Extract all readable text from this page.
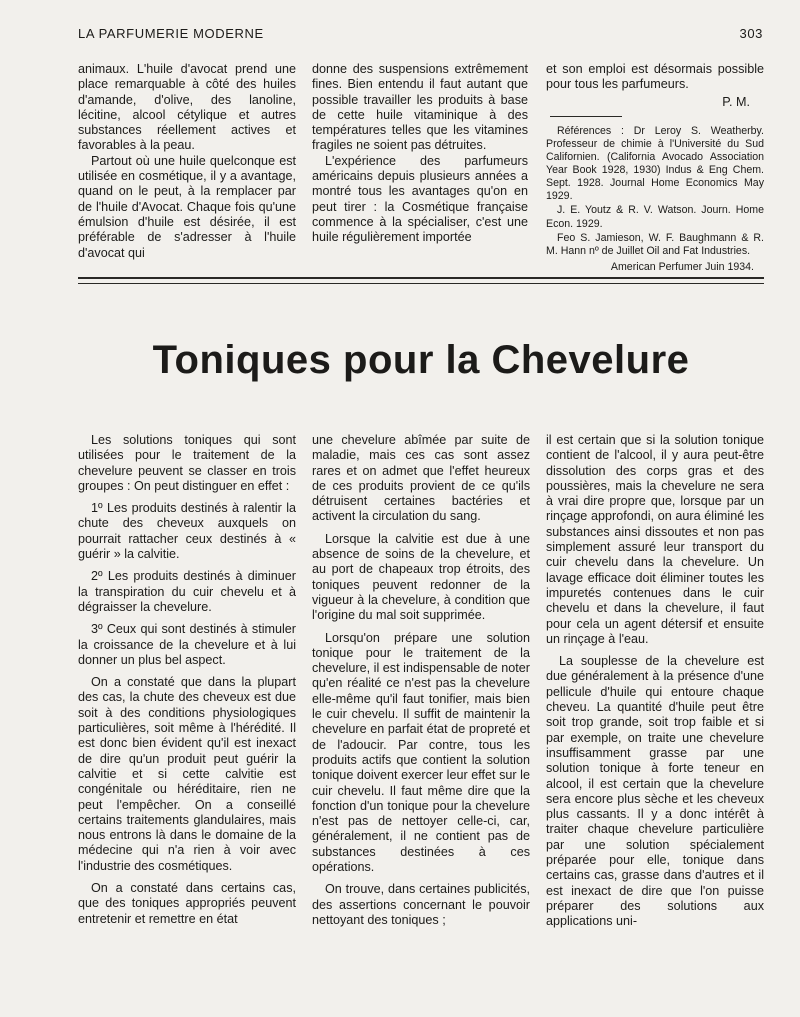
LA PARFUMERIE MODERNE	303

animaux. L'huile d'avocat prend une place remarquable à côté des huiles d'amande, d'olive, des lanoline, lécitine, alcool cétylique et autres substances réellement actives et favorables à la peau.

Partout où une huile quelconque est utilisée en cosmétique, il y a avantage, quand on le peut, à la remplacer par de l'huile d'Avocat. Chaque fois qu'une émulsion d'huile est désirée, il est préférable de s'adresser à l'huile d'avocat qui

donne des suspensions extrêmement fines. Bien entendu il faut autant que possible travailler les produits à base de cette huile vitaminique à des températures telles que les vitamines fragiles ne soient pas détruites.

L'expérience des parfumeurs américains depuis plusieurs années a montré tous les avantages qu'on en peut tirer : la Cosmétique française commence à la spécialiser, c'est une huile régulièrement importée

et son emploi est désormais possible pour tous les parfumeurs.

P. M.

Références : Dr Leroy S. Weatherby. Professeur de chimie à l'Université du Sud Californien. (California Avocado Association Year Book 1928, 1930) Indus & Eng Chem. Sept. 1928. Journal Home Economics May 1929.

J. E. Youtz & R. V. Watson. Journ. Home Econ. 1929.

Feo S. Jamieson, W. F. Baughmann & R. M. Hann nº de Juillet Oil and Fat Industries.

American Perfumer Juin 1934.

Toniques pour la Chevelure

Les solutions toniques qui sont utilisées pour le traitement de la chevelure peuvent se classer en trois groupes : On peut distinguer en effet :

1º Les produits destinés à ralentir la chute des cheveux auxquels on pourrait rattacher ceux destinés à « guérir » la calvitie.

2º Les produits destinés à diminuer la transpiration du cuir chevelu et à dégraisser la chevelure.

3º Ceux qui sont destinés à stimuler la croissance de la chevelure et à lui donner un plus bel aspect.

On a constaté que dans la plupart des cas, la chute des cheveux est due soit à des conditions physiologiques particulières, soit même à l'hérédité. Il est donc bien évident qu'il est inexact de dire qu'un produit peut guérir la calvitie et si cette calvitie est congénitale ou héréditaire, rien ne peut l'empêcher. On a conseillé certains traitements glandulaires, mais nous entrons là dans le domaine de la médecine qui n'a rien à voir avec l'industrie des cosmétiques.

On a constaté dans certains cas, que des toniques appropriés peuvent entretenir et remettre en état

une chevelure abîmée par suite de maladie, mais ces cas sont assez rares et on admet que l'effet heureux de ces produits provient de ce qu'ils détruisent certaines bactéries et activent la circulation du sang.

Lorsque la calvitie est due à une absence de soins de la chevelure, et au port de chapeaux trop étroits, des toniques peuvent redonner de la vigueur à la chevelure, à condition que l'origine du mal soit supprimée.

Lorsqu'on prépare une solution tonique pour le traitement de la chevelure, il est indispensable de noter qu'en réalité ce n'est pas la chevelure elle-même qu'il faut tonifier, mais bien le cuir chevelu. Il suffit de maintenir la chevelure en parfait état de propreté et de l'adoucir. Par contre, tous les produits actifs que contient la solution tonique doivent exercer leur effet sur le cuir chevelu. Il faut même dire que la fonction d'un tonique pour la chevelure n'est pas de nettoyer celle-ci, car, généralement, il ne contient pas de substances destinées à ces opérations.

On trouve, dans certaines publicités, des assertions concernant le pouvoir nettoyant des toniques ;

il est certain que si la solution tonique contient de l'alcool, il y aura peut-être dissolution des corps gras et des poussières, mais la chevelure ne sera à vrai dire propre que, lorsque par un rinçage approfondi, on aura éliminé les substances ainsi dissoutes et non pas simplement assuré leur transport du cuir chevelu dans la chevelure. Un lavage efficace doit éliminer toutes les impuretés contenues dans le cuir chevelu et dans la chevelure, il faut pour cela un agent détersif et ensuite un rinçage à l'eau.

La souplesse de la chevelure est due généralement à la présence d'une pellicule d'huile qui entoure chaque cheveu. La quantité d'huile peut être soit trop grande, soit trop faible et si par exemple, on traite une chevelure insuffisamment grasse par une solution tonique à forte teneur en alcool, il est certain que la chevelure sera encore plus sèche et les cheveux plus cassants. Il y a donc intérêt à traiter chaque chevelure particulière par une solution spécialement préparée pour elle, tonique dans certains cas, grasse dans d'autres et il est inexact de dire que l'on puisse préparer des solutions aux applications uni-
